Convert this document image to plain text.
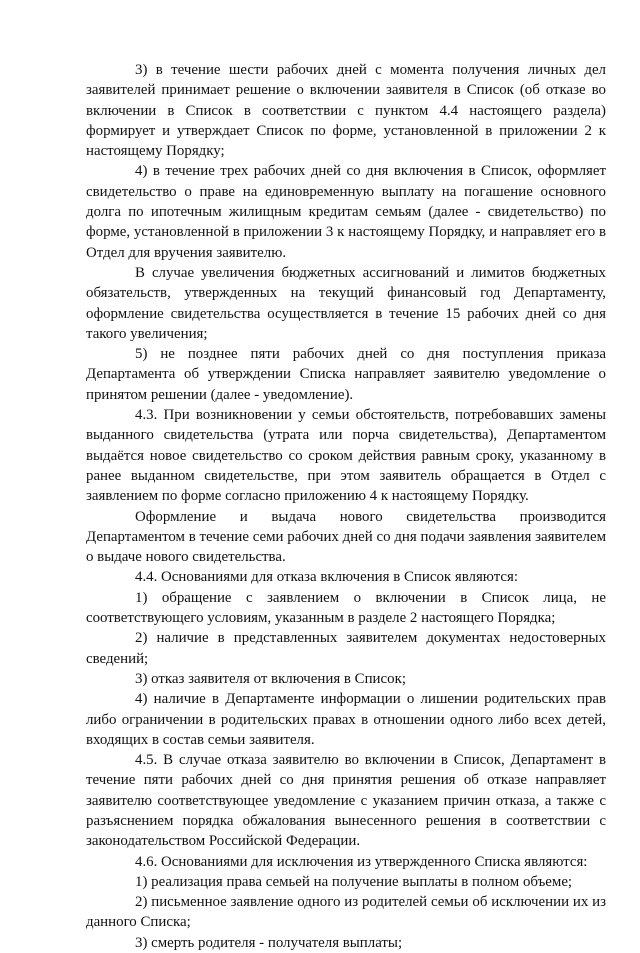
3) в течение шести рабочих дней с момента получения личных дел заявителей принимает решение о включении заявителя в Список (об отказе во включении в Список в соответствии с пунктом 4.4 настоящего раздела) формирует и утверждает Список по форме, установленной в приложении 2 к настоящему Порядку;

4) в течение трех рабочих дней со дня включения в Список, оформляет свидетельство о праве на единовременную выплату на погашение основного долга по ипотечным жилищным кредитам семьям (далее - свидетельство) по форме, установленной в приложении 3 к настоящему Порядку, и направляет его в Отдел для вручения заявителю.

В случае увеличения бюджетных ассигнований и лимитов бюджетных обязательств, утвержденных на текущий финансовый год Департаменту, оформление свидетельства осуществляется в течение 15 рабочих дней со дня такого увеличения;

5) не позднее пяти рабочих дней со дня поступления приказа Департамента об утверждении Списка направляет заявителю уведомление о принятом решении (далее - уведомление).

4.3. При возникновении у семьи обстоятельств, потребовавших замены выданного свидетельства (утрата или порча свидетельства), Департаментом выдаётся новое свидетельство со сроком действия равным сроку, указанному в ранее выданном свидетельстве, при этом заявитель обращается в Отдел с заявлением по форме согласно приложению 4 к настоящему Порядку.

Оформление и выдача нового свидетельства производится Департаментом в течение семи рабочих дней со дня подачи заявления заявителем о выдаче нового свидетельства.

4.4. Основаниями для отказа включения в Список являются:

1) обращение с заявлением о включении в Список лица, не соответствующего условиям, указанным в разделе 2 настоящего Порядка;

2) наличие в представленных заявителем документах недостоверных сведений;

3) отказ заявителя от включения в Список;

4) наличие в Департаменте информации о лишении родительских прав либо ограничении в родительских правах в отношении одного либо всех детей, входящих в состав семьи заявителя.

4.5. В случае отказа заявителю во включении в Список, Департамент в течение пяти рабочих дней со дня принятия решения об отказе направляет заявителю соответствующее уведомление с указанием причин отказа, а также с разъяснением порядка обжалования вынесенного решения в соответствии с законодательством Российской Федерации.

4.6. Основаниями для исключения из утвержденного Списка являются:

1) реализация права семьей на получение выплаты в полном объеме;

2) письменное заявление одного из родителей семьи об исключении их из данного Списка;

3) смерть родителя - получателя выплаты;
